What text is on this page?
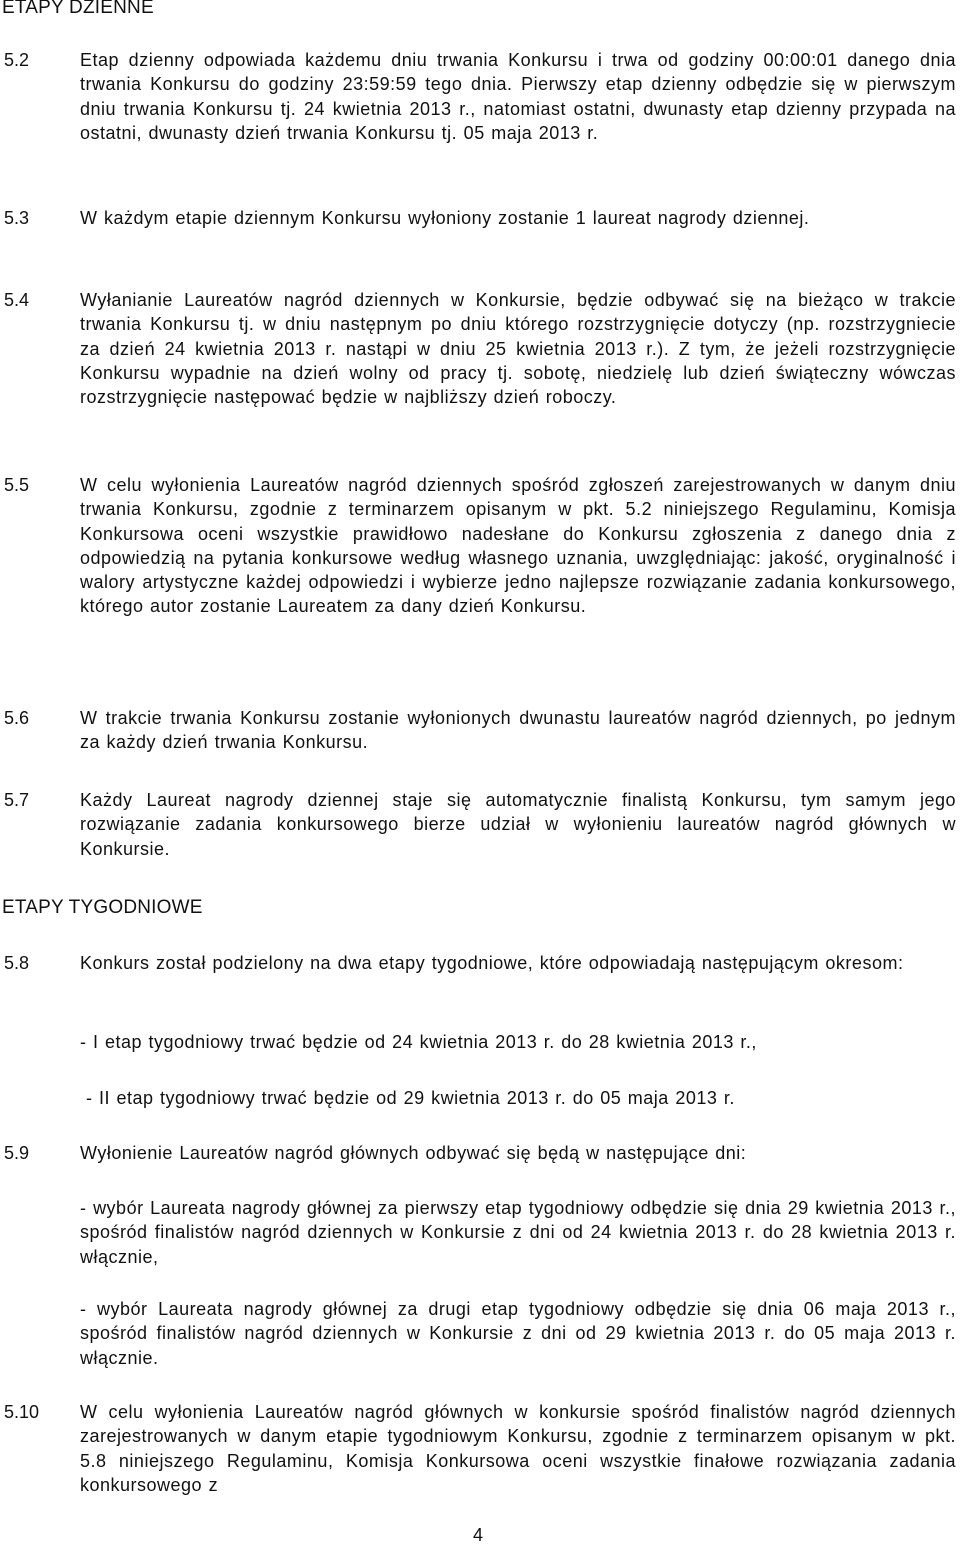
ETAPY DZIENNE
5.2	Etap dzienny odpowiada każdemu dniu trwania Konkursu i trwa od godziny 00:00:01 danego dnia trwania Konkursu do godziny 23:59:59 tego dnia. Pierwszy etap dzienny odbędzie się w pierwszym dniu trwania Konkursu tj. 24 kwietnia 2013 r., natomiast ostatni, dwunasty etap dzienny przypada na ostatni, dwunasty dzień trwania Konkursu tj. 05 maja 2013 r.
5.3	W każdym etapie dziennym Konkursu wyłoniony zostanie 1 laureat nagrody dziennej.
5.4	Wyłanianie Laureatów nagród dziennych w Konkursie, będzie odbywać się na bieżąco w trakcie trwania Konkursu tj. w dniu następnym po dniu którego rozstrzygnięcie dotyczy (np. rozstrzygniecie za dzień 24 kwietnia 2013 r. nastąpi w dniu 25 kwietnia 2013 r.). Z tym, że jeżeli rozstrzygnięcie Konkursu wypadnie na dzień wolny od pracy tj. sobotę, niedzielę lub dzień świąteczny wówczas rozstrzygnięcie następować będzie w najbliższy dzień roboczy.
5.5	W celu wyłonienia Laureatów nagród dziennych spośród zgłoszeń zarejestrowanych w danym dniu trwania Konkursu, zgodnie z terminarzem opisanym w pkt. 5.2 niniejszego Regulaminu, Komisja Konkursowa oceni wszystkie prawidłowo nadesłane do Konkursu zgłoszenia z danego dnia z odpowiedzią na pytania konkursowe według własnego uznania, uwzględniając: jakość, oryginalność i walory artystyczne każdej odpowiedzi i wybierze jedno najlepsze rozwiązanie zadania konkursowego, którego autor zostanie Laureatem za dany dzień Konkursu.
5.6	W trakcie trwania Konkursu zostanie wyłonionych dwunastu laureatów nagród dziennych, po jednym za każdy dzień trwania Konkursu.
5.7	Każdy Laureat nagrody dziennej staje się automatycznie finalistą Konkursu, tym samym jego rozwiązanie zadania konkursowego bierze udział w wyłonieniu laureatów nagród głównych w Konkursie.
ETAPY TYGODNIOWE
5.8	Konkurs został podzielony na dwa etapy tygodniowe, które odpowiadają następującym okresom:
- I etap tygodniowy trwać będzie od 24 kwietnia 2013 r. do 28 kwietnia 2013 r.,
- II etap tygodniowy trwać będzie od 29 kwietnia 2013 r. do 05 maja 2013 r.
5.9	Wyłonienie Laureatów nagród głównych odbywać się będą w następujące dni:
- wybór Laureata nagrody głównej za pierwszy etap tygodniowy odbędzie się dnia 29 kwietnia 2013 r., spośród finalistów nagród dziennych w Konkursie z dni od 24 kwietnia 2013 r. do 28 kwietnia 2013 r. włącznie,
- wybór Laureata nagrody głównej za drugi etap tygodniowy odbędzie się dnia 06 maja 2013 r., spośród finalistów nagród dziennych w Konkursie z dni od 29 kwietnia 2013 r. do 05 maja 2013 r. włącznie.
5.10	W celu wyłonienia Laureatów nagród głównych w konkursie spośród finalistów nagród dziennych zarejestrowanych w danym etapie tygodniowym Konkursu, zgodnie z terminarzem opisanym w pkt. 5.8 niniejszego Regulaminu, Komisja Konkursowa oceni wszystkie finałowe rozwiązania zadania konkursowego z
4
